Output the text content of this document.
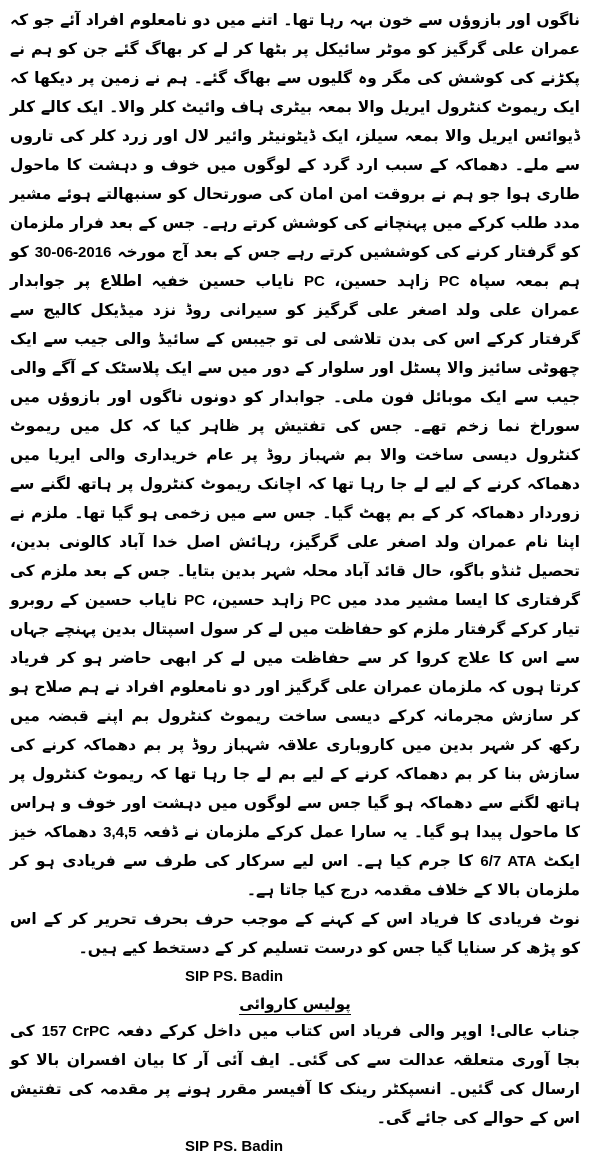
ناگوں اور بازوؤں سے خون بہہ رہا تھا۔ اتنے میں دو نامعلوم افراد آئے جو کہ عمران علی گرگیز کو موٹر سائیکل پر بٹھا کر لے کر بھاگ گئے جن کو ہم نے پکڑنے کی کوشش کی مگر وہ گلیوں سے بھاگ گئے۔ ہم نے زمین پر دیکھا کہ ایک ریموٹ کنٹرول ایریل والا بمعہ بیٹری ہاف وائیٹ کلر والا۔ ایک کالے کلر ڈیوائس ایریل والا بمعہ سیلز، ایک ڈیٹونیٹر وائیر لال اور زرد کلر کی تاروں سے ملے۔ دھماکہ کے سبب ارد گرد کے لوگوں میں خوف و دہشت کا ماحول طاری ہوا جو ہم نے بروقت امن امان کی صورتحال کو سنبھالتے ہوئے مشیر مدد طلب کرکے میں پہنچانے کی کوشش کرتے رہے۔ جس کے بعد فرار ملزمان کو گرفتار کرنے کی کوششیں کرتے رہے جس کے بعد آج مورخہ 30-06-2016 کو ہم بمعہ سپاہ PC زاہد حسین، PC نایاب حسین خفیہ اطلاع پر جوابدار عمران علی ولد اصغر علی گرگیز کو سیرانی روڈ نزد میڈیکل کالیج سے گرفتار کرکے اس کی بدن تلاشی لی تو جیبس کے سائیڈ والی جیب سے ایک چھوٹی سائیز والا پسٹل اور سلوار کے دور میں سے ایک پلاسٹک کے آگے والی جیب سے ایک موبائل فون ملی۔ جوابدار کو دونوں ناگوں اور بازوؤں میں سوراخ نما زخم تھے۔ جس کی تفتیش پر ظاہر کیا کہ کل میں ریموٹ کنٹرول دیسی ساخت والا بم شہباز روڈ پر عام خریداری والی ایریا میں دھماکہ کرنے کے لیے لے جا رہا تھا کہ اچانک ریموٹ کنٹرول پر ہاتھ لگنے سے زوردار دھماکہ کر کے بم پھٹ گیا۔ جس سے میں زخمی ہو گیا تھا۔ ملزم نے اپنا نام عمران ولد اصغر علی گرگیز، رہائش اصل خدا آباد کالونی بدین، تحصیل ٹنڈو باگو، حال قائد آباد محلہ شہر بدین بتایا۔ جس کے بعد ملزم کی گرفتاری کا ایسا مشیر مدد میں PC زاہد حسین، PC نایاب حسین کے روبرو تیار کرکے گرفتار ملزم کو حفاظت میں لے کر سول اسپتال بدین پہنچے جہاں سے اس کا علاج کروا کر سے حفاظت میں لے کر ابھی حاضر ہو کر فریاد کرتا ہوں کہ ملزمان عمران علی گرگیز اور دو نامعلوم افراد نے ہم صلاح ہو کر سازش مجرمانہ کرکے دیسی ساخت ریموٹ کنٹرول بم اپنے قبضہ میں رکھ کر شہر بدین میں کاروباری علاقہ شہباز روڈ پر بم دھماکہ کرنے کی سازش بنا کر بم دھماکہ کرنے کے لیے بم لے جا رہا تھا کہ ریموٹ کنٹرول پر ہاتھ لگنے سے دھماکہ ہو گیا جس سے لوگوں میں دہشت اور خوف و ہراس کا ماحول پیدا ہو گیا۔ یہ سارا عمل کرکے ملزمان نے ڈفعہ 3,4,5 دھماکہ خیز ایکٹ 6/7 ATA کا جرم کیا ہے۔ اس لیے سرکار کی طرف سے فریادی ہو کر ملزمان بالا کے خلاف مقدمہ درج کیا جاتا ہے۔

نوٹ فریادی کا فریاد اس کے کہنے کے موجب حرف بحرف تحریر کر کے اس کو پڑھ کر سنایا گیا جس کو درست تسلیم کر کے دستخط کیے ہیں۔

SIP PS. Badin
پولیس کاروائی

جناب عالی! اوپر والی فریاد اس کتاب میں داخل کرکے دفعہ 157 CrPC کی بجا آوری متعلقہ عدالت سے کی گئی۔ ایف آئی آر کا بیان افسران بالا کو ارسال کی گئیں۔ انسپکٹر رینک کا آفیسر مقرر ہونے پر مقدمہ کی تفتیش اس کے حوالے کی جائے گی۔

SIP PS. Badin
